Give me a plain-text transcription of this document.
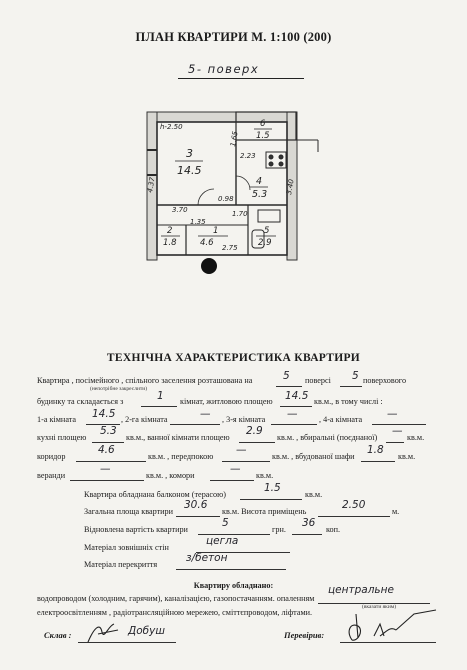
ПЛАН КВАРТИРИ М. 1:100 (200)
5- поверх
h-2.50
3
14.5
4
5.3
6
1.5
2
1.8
1
4.6
5
2.9
4.37
3.70
1.65
2.23
3.40
0.98
1.70
1.35
2.75
ТЕХНІЧНА ХАРАКТЕРИСТИКА КВАРТИРИ
Квартира , посімейного , спільного заселення розташована на	5 поверсі 5 поверхового
(непотрібне закреслити)
будинку та складається з	1 кімнат, житловою площею 14.5 кв.м., в тому числі :
1-а кімната 14.5 , 2-га кімната	— , 3-я кімната —	, 4-а кімната —
кухні площею
5.3
кв.м., ванної кімнати площею
2.9
кв.м. , вбиральні (поєднаної)
—
кв.м.
коридор
4.6
кв.м. , передпокою
—
кв.м. , вбудованої шафи
1.8
кв.м.
веранди
—
кв.м. , комори
—
кв.м.
Квартира обладнана балконом (терасою)
1.5
кв.м.
Загальна площа квартири
30.6
кв.м. Висота приміщень
2.50
м.
Відновлена вартість квартири
5
грн.
36
коп.
Матеріал зовнішніх стін
цегла
Матеріал перекриття
з/бетон
Квартиру обладнано:
водопроводом (холодним, гарячим), каналізацією, газопостачанням. опаленням
центральне
(вказати яким)
електроосвітленням , радіотрансляційною мережею, сміттєпроводом, ліфтами.
Склав :	Добуш	Перевірив:
